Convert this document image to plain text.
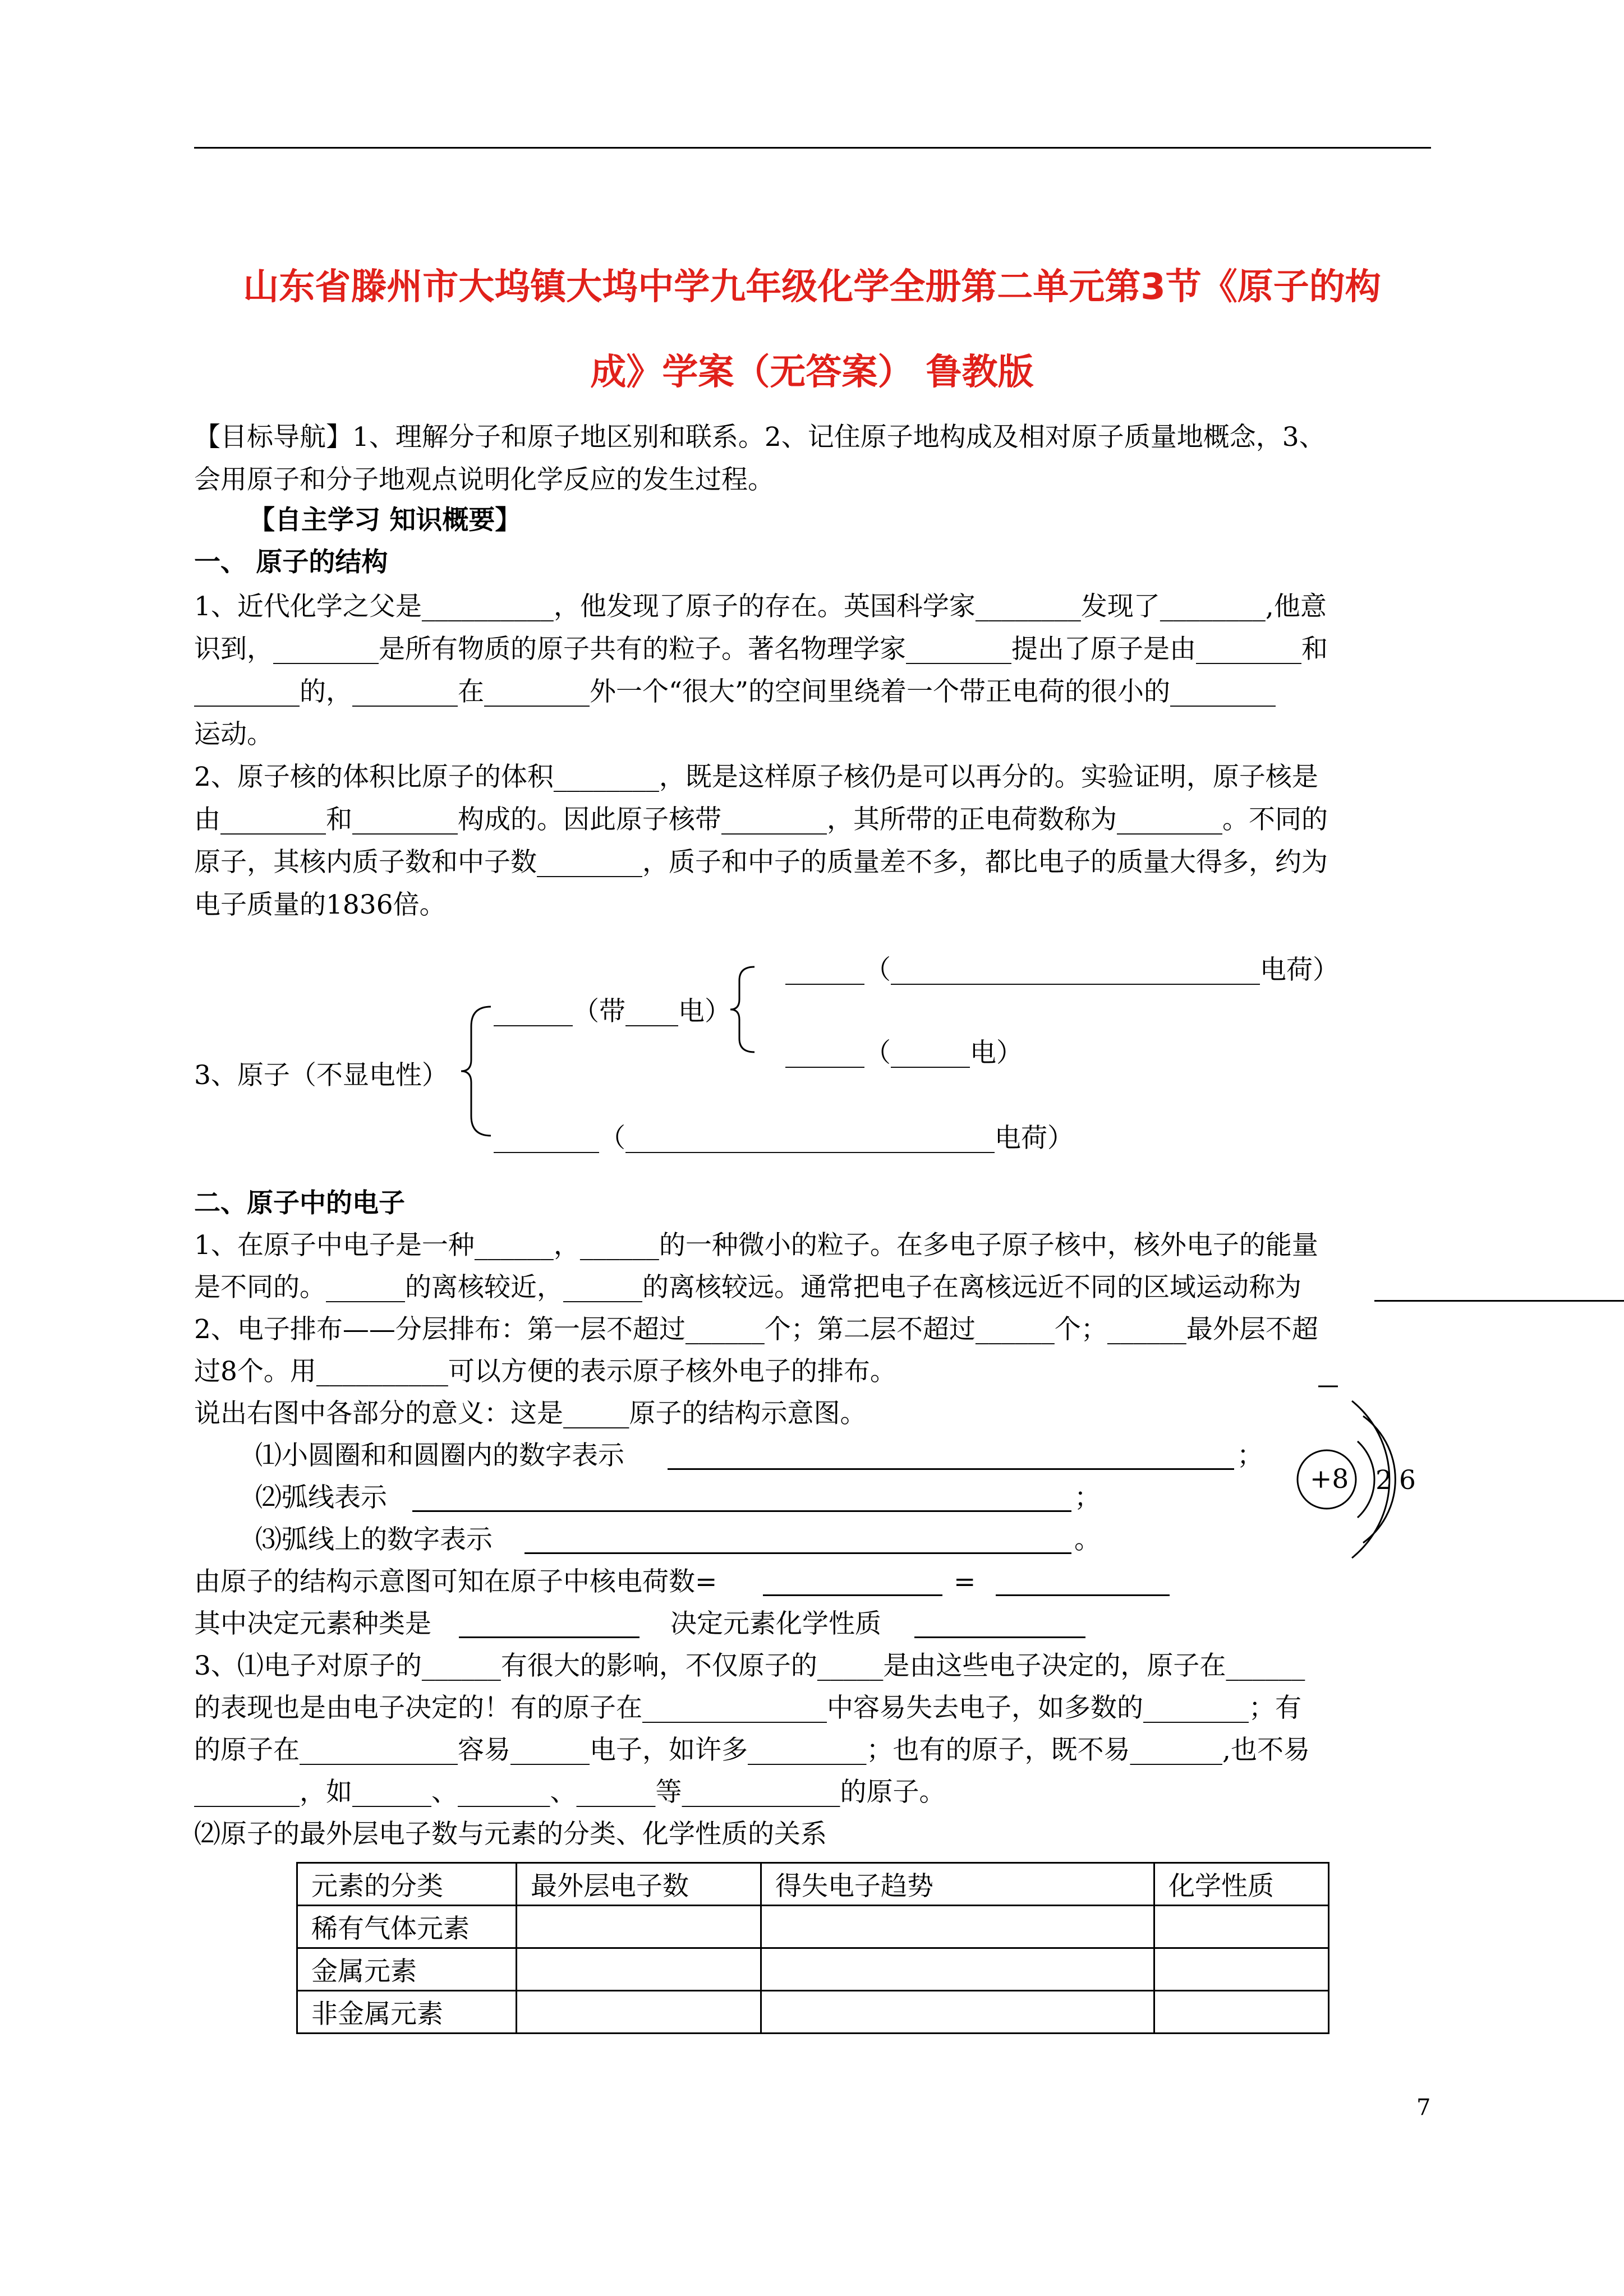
山东省滕州市大坞镇大坞中学九年级化学全册第二单元第3节《原子的构
成》学案（无答案） 鲁教版
【目标导航】1、理解分子和原子地区别和联系。2、记住原子地构成及相对原子质量地概念，3、
会用原子和分子地观点说明化学反应的发生过程。
【自主学习 知识概要】
一、 原子的结构
1、近代化学之父是__________，他发现了原子的存在。英国科学家________发现了________,他意
识到，________是所有物质的原子共有的粒子。著名物理学家________提出了原子是由________和
________的，________在________外一个“很大”的空间里绕着一个带正电荷的很小的________
运动。
2、原子核的体积比原子的体积________，既是这样原子核仍是可以再分的。实验证明，原子核是
由________和________构成的。因此原子核带________，其所带的正电荷数称为________。不同的
原子，其核内质子数和中子数________，质子和中子的质量差不多，都比电子的质量大得多，约为
电子质量的1836倍。
3、原子（不显电性）
______（带____电）
______（____________________________电荷）
______（______电）
________（____________________________电荷）
二、原子中的电子
1、在原子中电子是一种______，______的一种微小的粒子。在多电子原子核中，核外电子的能量
是不同的。______的离核较近，______的离核较远。通常把电子在离核远近不同的区域运动称为
2、电子排布——分层排布：第一层不超过______个；第二层不超过______个；______最外层不超
过8个。用__________可以方便的表示原子核外电子的排布。
说出右图中各部分的意义：这是_____原子的结构示意图。
⑴小圆圈和和圆圈内的数字表示	；
⑵弧线表示	；
⑶弧线上的数字表示	。
+8 2 6
由原子的结构示意图可知在原子中核电荷数=	=
其中决定元素种类是	决定元素化学性质
3、⑴电子对原子的______有很大的影响，不仅原子的_____是由这些电子决定的，原子在______
的表现也是由电子决定的！有的原子在______________中容易失去电子，如多数的________；有
的原子在____________容易______电子，如许多_________；也有的原子，既不易_______,也不易
________，如______、_______、______等____________的原子。
⑵原子的最外层电子数与元素的分类、化学性质的关系
元素的分类	最外层电子数	得失电子趋势	化学性质
稀有气体元素			
金属元素			
非金属元素			
7
